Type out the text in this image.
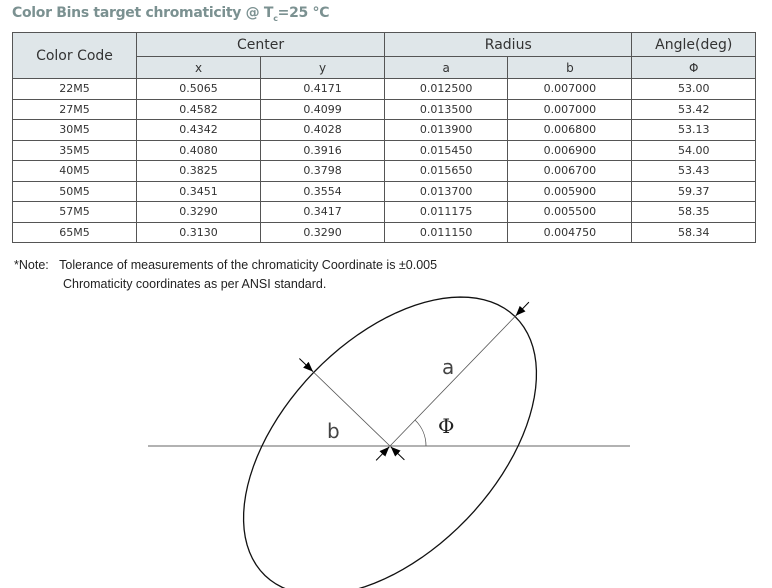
Color Bins target chromaticity @ $T_c=25$ °C
Color Code	Center		Radius		Angle(deg)
	x	y	a	b	Φ
22M5	0.5065	0.4171	0.012500	0.007000	53.00
27M5	0.4582	0.4099	0.013500	0.007000	53.42
30M5	0.4342	0.4028	0.013900	0.006800	53.13
35M5	0.4080	0.3916	0.015450	0.006900	54.00
40M5	0.3825	0.3798	0.015650	0.006700	53.43
50M5	0.3451	0.3554	0.013700	0.005900	59.37
57M5	0.3290	0.3417	0.011175	0.005500	58.35
65M5	0.3130	0.3290	0.011150	0.004750	58.34
*Note: Tolerance of measurements of the chromaticity Coordinate is ±0.005
Chromaticity coordinates as per ANSI standard.
a
b	Φ
